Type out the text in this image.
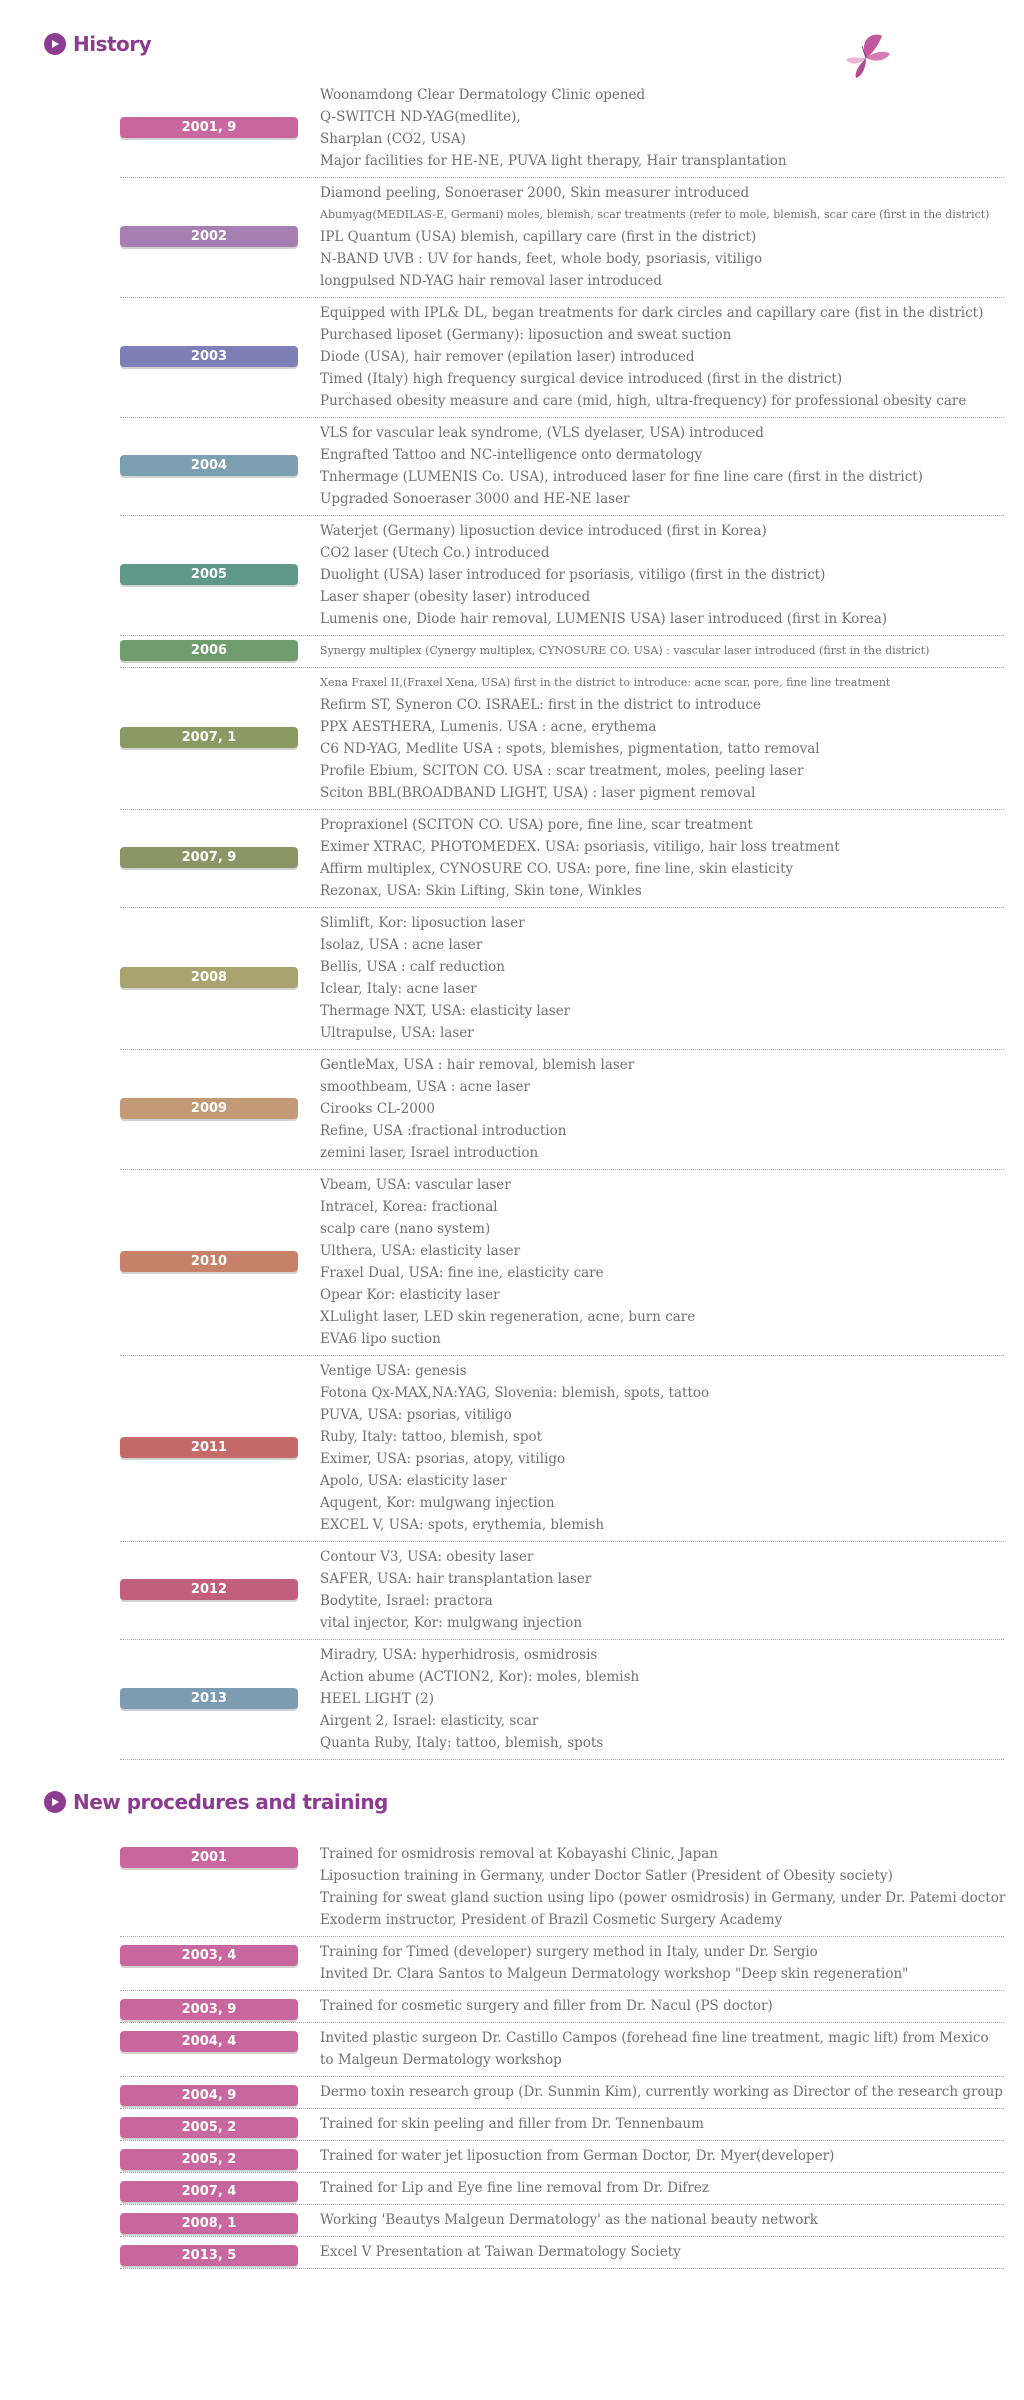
History
2001, 9
Woonamdong Clear Dermatology Clinic opened
Q-SWITCH ND-YAG(medlite),
Sharplan (CO2, USA)
Major facilities for HE-NE, PUVA light therapy, Hair transplantation
2002
Diamond peeling, Sonoeraser 2000, Skin measurer introduced
Abumyag(MEDILAS-E, Germani) moles, blemish, scar treatments (refer to mole, blemish, scar care (first in the district)
IPL Quantum (USA) blemish, capillary care (first in the district)
N-BAND UVB : UV for hands, feet, whole body, psoriasis, vitiligo
longpulsed ND-YAG hair removal laser introduced
2003
Equipped with IPL& DL, began treatments for dark circles and capillary care (fist in the district)
Purchased liposet (Germany): liposuction and sweat suction
Diode (USA), hair remover (epilation laser) introduced
Timed (Italy) high frequency surgical device introduced (first in the district)
Purchased obesity measure and care (mid, high, ultra-frequency) for professional obesity care
2004
VLS for vascular leak syndrome, (VLS dyelaser, USA) introduced
Engrafted Tattoo and NC-intelligence onto dermatology
Tnhermage (LUMENIS Co. USA), introduced laser for fine line care (first in the district)
Upgraded Sonoeraser 3000 and HE-NE laser
2005
Waterjet (Germany) liposuction device introduced (first in Korea)
CO2 laser (Utech Co.) introduced
Duolight (USA) laser introduced for psoriasis, vitiligo (first in the district)
Laser shaper (obesity laser) introduced
Lumenis one, Diode hair removal, LUMENIS USA) laser introduced (first in Korea)
2006	Synergy multiplex (Cynergy multiplex, CYNOSURE CO. USA) : vascular laser introduced (first in the district)
2007, 1
Xena Fraxel II,(Fraxel Xena, USA) first in the district to introduce: acne scar, pore, fine line treatment
Refirm ST, Syneron CO. ISRAEL: first in the district to introduce
PPX AESTHERA, Lumenis. USA : acne, erythema
C6 ND-YAG, Medlite USA : spots, blemishes, pigmentation, tatto removal
Profile Ebium, SCITON CO. USA : scar treatment, moles, peeling laser
Sciton BBL(BROADBAND LIGHT, USA) : laser pigment removal
2007, 9
Propraxionel (SCITON CO. USA) pore, fine line, scar treatment
Eximer XTRAC, PHOTOMEDEX. USA: psoriasis, vitiligo, hair loss treatment
Affirm multiplex, CYNOSURE CO. USA: pore, fine line, skin elasticity
Rezonax, USA: Skin Lifting, Skin tone, Winkles
2008
Slimlift, Kor: liposuction laser
Isolaz, USA : acne laser
Bellis, USA : calf reduction
Iclear, Italy: acne laser
Thermage NXT, USA: elasticity laser
Ultrapulse, USA: laser
2009
GentleMax, USA : hair removal, blemish laser
smoothbeam, USA : acne laser
Cirooks CL-2000
Refine, USA :fractional introduction
zemini laser, Israel introduction
2010
Vbeam, USA: vascular laser
Intracel, Korea: fractional
scalp care (nano system)
Ulthera, USA: elasticity laser
Fraxel Dual, USA: fine ine, elasticity care
Opear Kor: elasticity laser
XLulight laser, LED skin regeneration, acne, burn care
EVA6 lipo suction
2011
Ventige USA: genesis
Fotona Qx-MAX,NA:YAG, Slovenia: blemish, spots, tattoo
PUVA, USA: psorias, vitiligo
Ruby, Italy: tattoo, blemish, spot
Eximer, USA: psorias, atopy, vitiligo
Apolo, USA: elasticity laser
Aqugent, Kor: mulgwang injection
EXCEL V, USA: spots, erythemia, blemish
2012
Contour V3, USA: obesity laser
SAFER, USA: hair transplantation laser
Bodytite, Israel: practora
vital injector, Kor: mulgwang injection
2013
Miradry, USA: hyperhidrosis, osmidrosis
Action abume (ACTION2, Kor): moles, blemish
HEEL LIGHT (2)
Airgent 2, Israel: elasticity, scar
Quanta Ruby, Italy: tattoo, blemish, spots
New procedures and training
2001	Trained for osmidrosis removal at Kobayashi Clinic, Japan
Liposuction training in Germany, under Doctor Satler (President of Obesity society)
Training for sweat gland suction using lipo (power osmidrosis) in Germany, under Dr. Patemi doctor
Exoderm instructor, President of Brazil Cosmetic Surgery Academy
2003, 4	Training for Timed (developer) surgery method in Italy, under Dr. Sergio
Invited Dr. Clara Santos to Malgeun Dermatology workshop "Deep skin regeneration"
2003, 9	Trained for cosmetic surgery and filler from Dr. Nacul (PS doctor)
2004, 4	Invited plastic surgeon Dr. Castillo Campos (forehead fine line treatment, magic lift) from Mexico
to Malgeun Dermatology workshop
2004, 9	Dermo toxin research group (Dr. Sunmin Kim), currently working as Director of the research group
2005, 2	Trained for skin peeling and filler from Dr. Tennenbaum
2005, 2	Trained for water jet liposuction from German Doctor, Dr. Myer(developer)
2007, 4	Trained for Lip and Eye fine line removal from Dr. Difrez
2008, 1	Working 'Beautys Malgeun Dermatology' as the national beauty network
2013, 5	Excel V Presentation at Taiwan Dermatology Society
